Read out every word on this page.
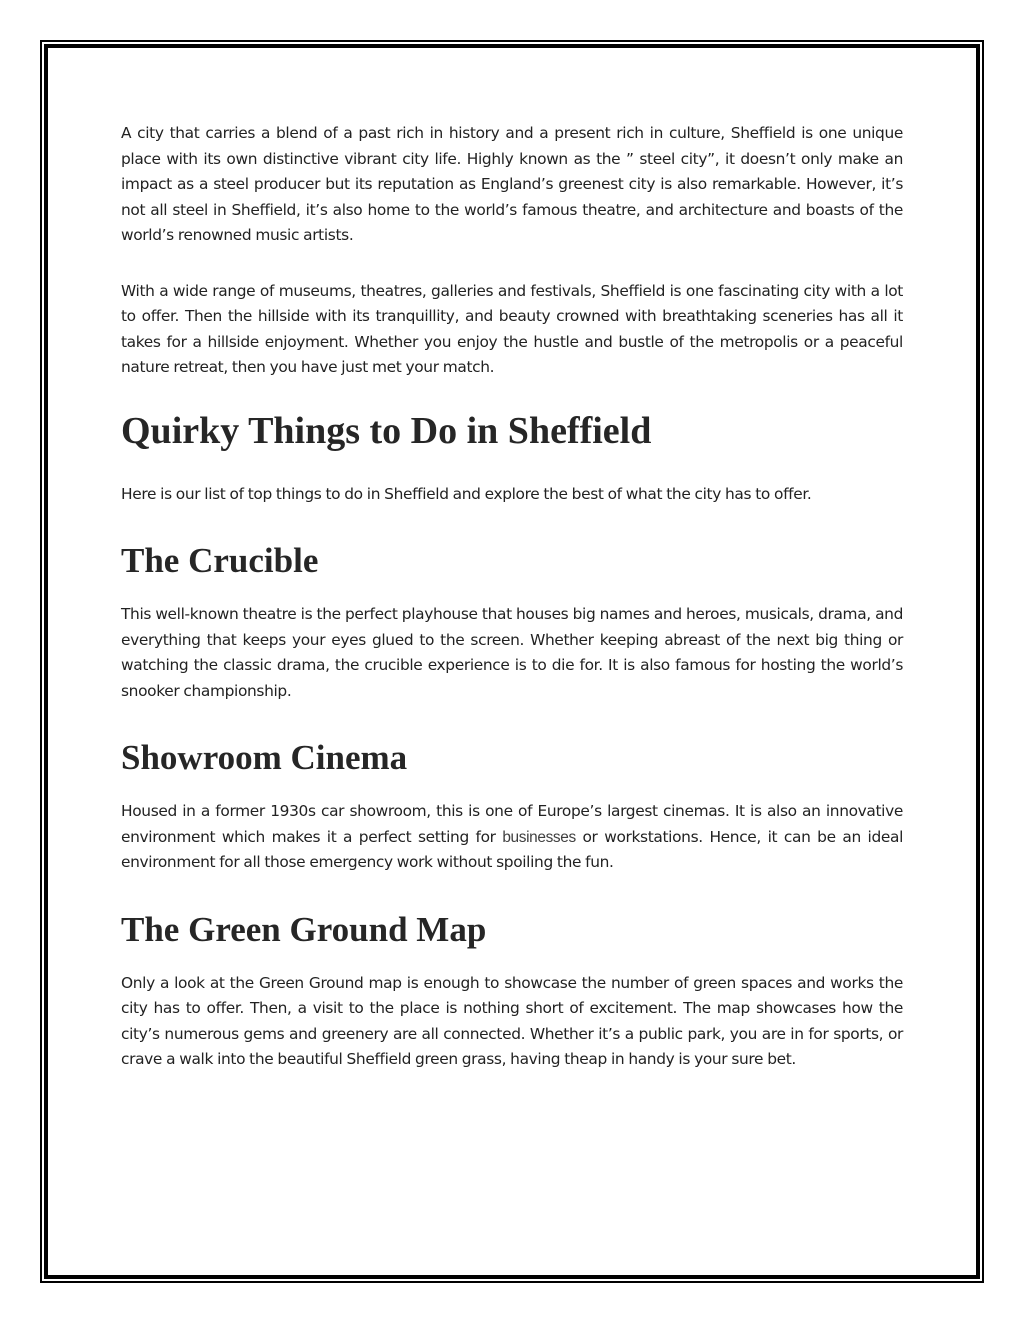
A city that carries a blend of a past rich in history and a present rich in culture, Sheffield is one unique place with its own distinctive vibrant city life. Highly known as the ” steel city”, it doesn’t only make an impact as a steel producer but its reputation as England’s greenest city is also remarkable. However, it’s not all steel in Sheffield, it’s also home to the world’s famous theatre, and architecture and boasts of the world’s renowned music artists.

With a wide range of museums, theatres, galleries and festivals, Sheffield is one fascinating city with a lot to offer. Then the hillside with its tranquillity, and beauty crowned with breathtaking sceneries has all it takes for a hillside enjoyment. Whether you enjoy the hustle and bustle of the metropolis or a peaceful nature retreat, then you have just met your match.

Quirky Things to Do in Sheffield

Here is our list of top things to do in Sheffield and explore the best of what the city has to offer.

The Crucible

This well-known theatre is the perfect playhouse that houses big names and heroes, musicals, drama, and everything that keeps your eyes glued to the screen. Whether keeping abreast of the next big thing or watching the classic drama, the crucible experience is to die for. It is also famous for hosting the world’s snooker championship.

Showroom Cinema

Housed in a former 1930s car showroom, this is one of Europe’s largest cinemas. It is also an innovative environment which makes it a perfect setting for businesses or workstations. Hence, it can be an ideal environment for all those emergency work without spoiling the fun.

The Green Ground Map

Only a look at the Green Ground map is enough to showcase the number of green spaces and works the city has to offer. Then, a visit to the place is nothing short of excitement. The map showcases how the city’s numerous gems and greenery are all connected. Whether it’s a public park, you are in for sports, or crave a walk into the beautiful Sheffield green grass, having theap in handy is your sure bet.
